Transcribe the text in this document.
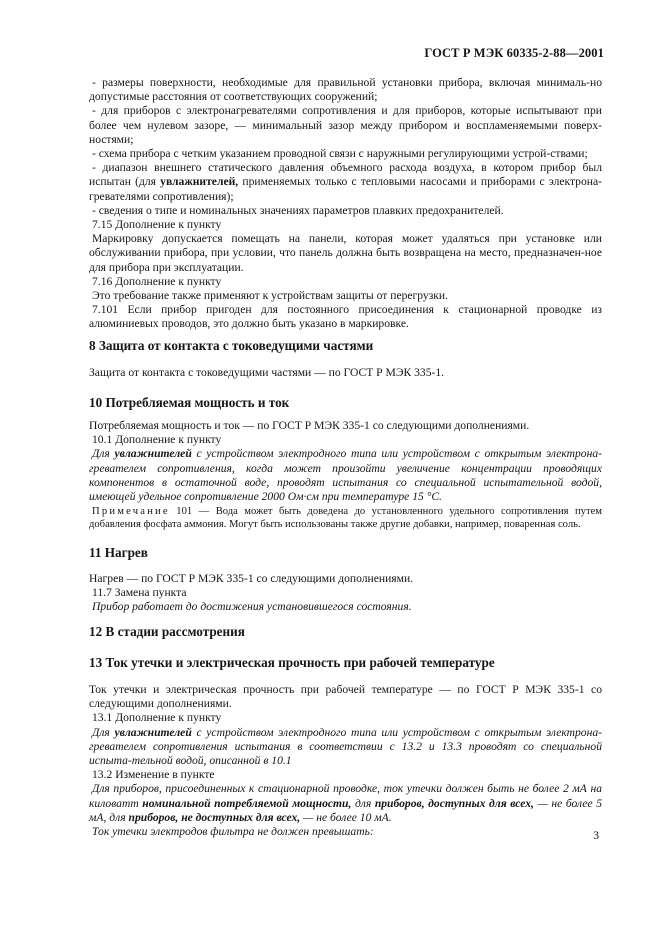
ГОСТ Р МЭК 60335-2-88—2001

- размеры поверхности, необходимые для правильной установки прибора, включая минималь-но допустимые расстояния от соответствующих сооружений;

- для приборов с электронагревателями сопротивления и для приборов, которые испытывают при более чем нулевом зазоре, — минимальный зазор между прибором и воспламеняемыми поверх-ностями;

- схема прибора с четким указанием проводной связи с наружными регулирующими устрой-ствами;

- диапазон внешнего статического давления объемного расхода воздуха, в котором прибор был испытан (для увлажнителей, применяемых только с тепловыми насосами и приборами с электрона-гревателями сопротивления);

- сведения о типе и номинальных значениях параметров плавких предохранителей.

7.15 Дополнение к пункту

Маркировку допускается помещать на панели, которая может удаляться при установке или обслуживании прибора, при условии, что панель должна быть возвращена на место, предназначен-ное для прибора при эксплуатации.

7.16 Дополнение к пункту

Это требование также применяют к устройствам защиты от перегрузки.

7.101 Если прибор пригоден для постоянного присоединения к стационарной проводке из алюминиевых проводов, это должно быть указано в маркировке.

8 Защита от контакта с токоведущими частями

Защита от контакта с токоведущими частями — по ГОСТ Р МЭК 335-1.

10 Потребляемая мощность и ток

Потребляемая мощность и ток — по ГОСТ Р МЭК 335-1 со следующими дополнениями.

10.1 Дополнение к пункту

Для увлажнителей с устройством электродного типа или устройством с открытым электрона-гревателем сопротивления, когда может произойти увеличение концентрации проводящих компонентов в остаточной воде, проводят испытания со специальной испытательной водой, имеющей удельное сопротивление 2000 Ом·см при температуре 15 °С.

Примечание 101 — Вода может быть доведена до установленного удельного сопротивления путем добавления фосфата аммония. Могут быть использованы также другие добавки, например, поваренная соль.

11 Нагрев

Нагрев — по ГОСТ Р МЭК 335-1 со следующими дополнениями.

11.7 Замена пункта

Прибор работает до достижения установившегося состояния.

12 В стадии рассмотрения
13 Ток утечки и электрическая прочность при рабочей температуре

Ток утечки и электрическая прочность при рабочей температуре — по ГОСТ Р МЭК 335-1 со следующими дополнениями.

13.1 Дополнение к пункту

Для увлажнителей с устройством электродного типа или устройством с открытым электрона-гревателем сопротивления испытания в соответствии с 13.2 и 13.3 проводят со специальной испыта-тельной водой, описанной в 10.1

13.2 Изменение в пункте

Для приборов, присоединенных к стационарной проводке, ток утечки должен быть не более 2 мА на киловатт номинальной потребляемой мощности, для приборов, доступных для всех, — не более 5 мА, для приборов, не доступных для всех, — не более 10 мА.

Ток утечки электродов фильтра не должен превышать:	3
